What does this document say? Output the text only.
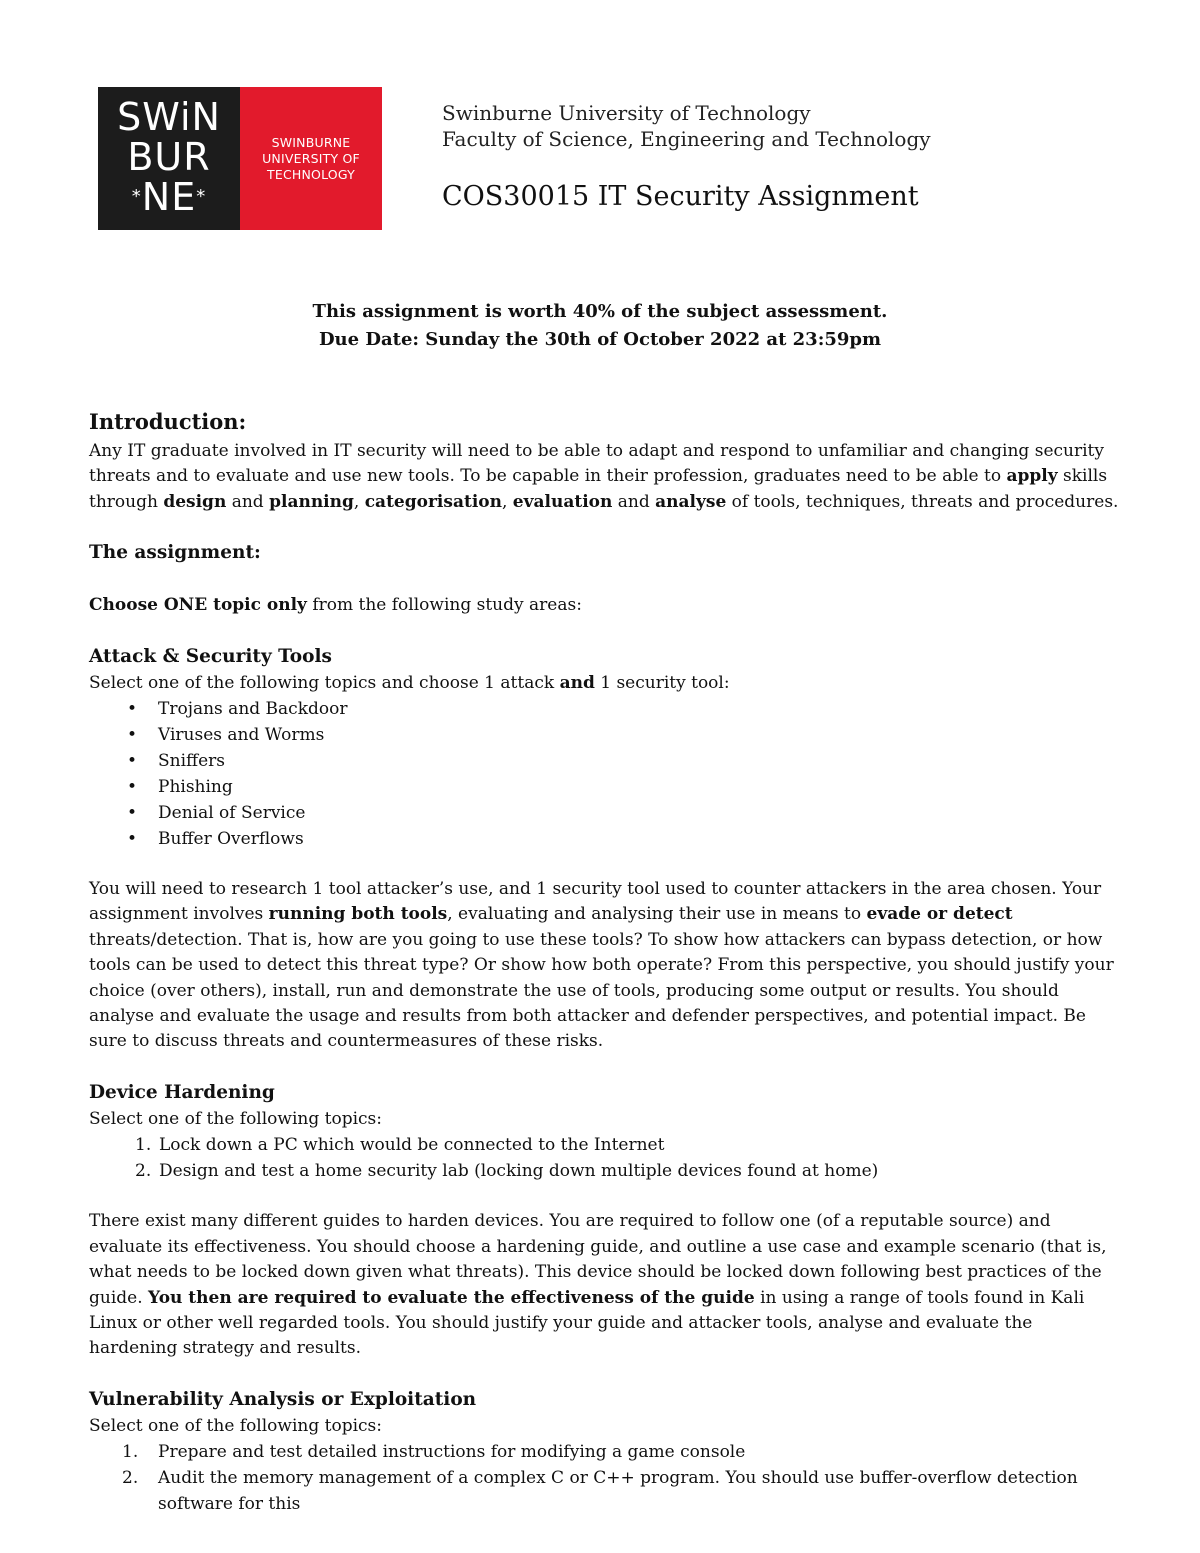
SWiN
BUR
*NE*
SWINBURNE
UNIVERSITY OF
TECHNOLOGY
Swinburne University of Technology
Faculty of Science, Engineering and Technology
COS30015 IT Security Assignment
This assignment is worth 40% of the subject assessment.
Due Date: Sunday the 30th of October 2022 at 23:59pm
Introduction:

Any IT graduate involved in IT security will need to be able to adapt and respond to unfamiliar and changing security threats and to evaluate and use new tools. To be capable in their profession, graduates need to be able to apply skills through design and planning, categorisation, evaluation and analyse of tools, techniques, threats and procedures.

The assignment:

Choose ONE topic only from the following study areas:

Attack & Security Tools

Select one of the following topics and choose 1 attack and 1 security tool:

• Trojans and Backdoor
• Viruses and Worms
• Sniffers
• Phishing
• Denial of Service
• Buffer Overflows

You will need to research 1 tool attacker’s use, and 1 security tool used to counter attackers in the area chosen. Your assignment involves running both tools, evaluating and analysing their use in means to evade or detect threats/detection. That is, how are you going to use these tools? To show how attackers can bypass detection, or how tools can be used to detect this threat type? Or show how both operate? From this perspective, you should justify your choice (over others), install, run and demonstrate the use of tools, producing some output or results. You should analyse and evaluate the usage and results from both attacker and defender perspectives, and potential impact. Be sure to discuss threats and countermeasures of these risks.

Device Hardening

Select one of the following topics:

1. Lock down a PC which would be connected to the Internet
2. Design and test a home security lab (locking down multiple devices found at home)

There exist many different guides to harden devices. You are required to follow one (of a reputable source) and evaluate its effectiveness. You should choose a hardening guide, and outline a use case and example scenario (that is, what needs to be locked down given what threats). This device should be locked down following best practices of the guide. You then are required to evaluate the effectiveness of the guide in using a range of tools found in Kali Linux or other well regarded tools. You should justify your guide and attacker tools, analyse and evaluate the hardening strategy and results.

Vulnerability Analysis or Exploitation

Select one of the following topics:

1. Prepare and test detailed instructions for modifying a game console
2. Audit the memory management of a complex C or C++ program. You should use buffer-overflow detection software for this
